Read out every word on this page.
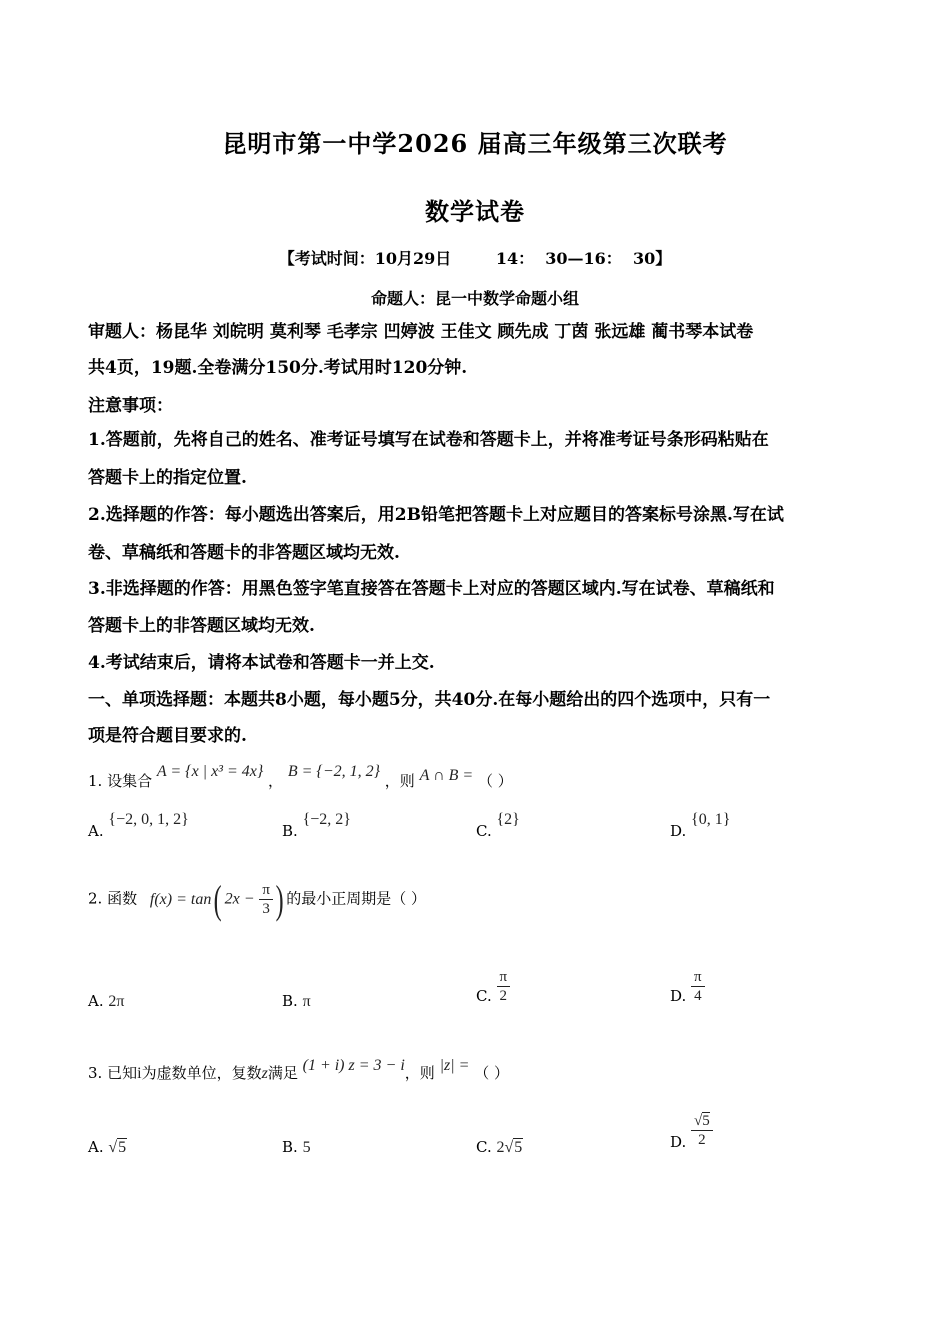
昆明市第一中学2026 届高三年级第三次联考
数学试卷
【考试时间：10月29日        14：  30—16：  30】
命题人：昆一中数学命题小组
审题人：杨昆华 刘皖明 莫利琴 毛孝宗 凹婷波 王佳文 顾先成 丁茵 张远雄 蔺书琴本试卷
共4页，19题.全卷满分150分.考试用时120分钟.
注意事项：
1.答题前，先将自己的姓名、准考证号填写在试卷和答题卡上，并将准考证号条形码粘贴在
答题卡上的指定位置.
2.选择题的作答：每小题选出答案后，用2B铅笔把答题卡上对应题目的答案标号涂黑.写在试
卷、草稿纸和答题卡的非答题区域均无效.
3.非选择题的作答：用黑色签字笔直接答在答题卡上对应的答题区域内.写在试卷、草稿纸和
答题卡上的非答题区域均无效.
4.考试结束后，请将本试卷和答题卡一并上交.
一、单项选择题：本题共8小题，每小题5分，共40分.在每小题给出的四个选项中，只有一
项是符合题目要求的.
1. 设集合 A = {x | x³ = 4x} ， B = {−2, 1, 2} ，则 A ∩ B = （ ）
A. {−2, 0, 1, 2}
B. {−2, 2}
C. {2}
D. {0, 1}
2. 函数 f(x) = tan( $2x - \frac{\pi}{3}$ ) 的最小正周期是（ ）
A. 2π	B. π	C. $\frac{\pi}{2}$	D. $\frac{\pi}{4}$
3. 已知i为虚数单位，复数z满足 (1 + i) z = 3 − i，则 |z| = （ ）
A. √5	B. 5	C. 2√5	D. $\frac{√5}{2}$
